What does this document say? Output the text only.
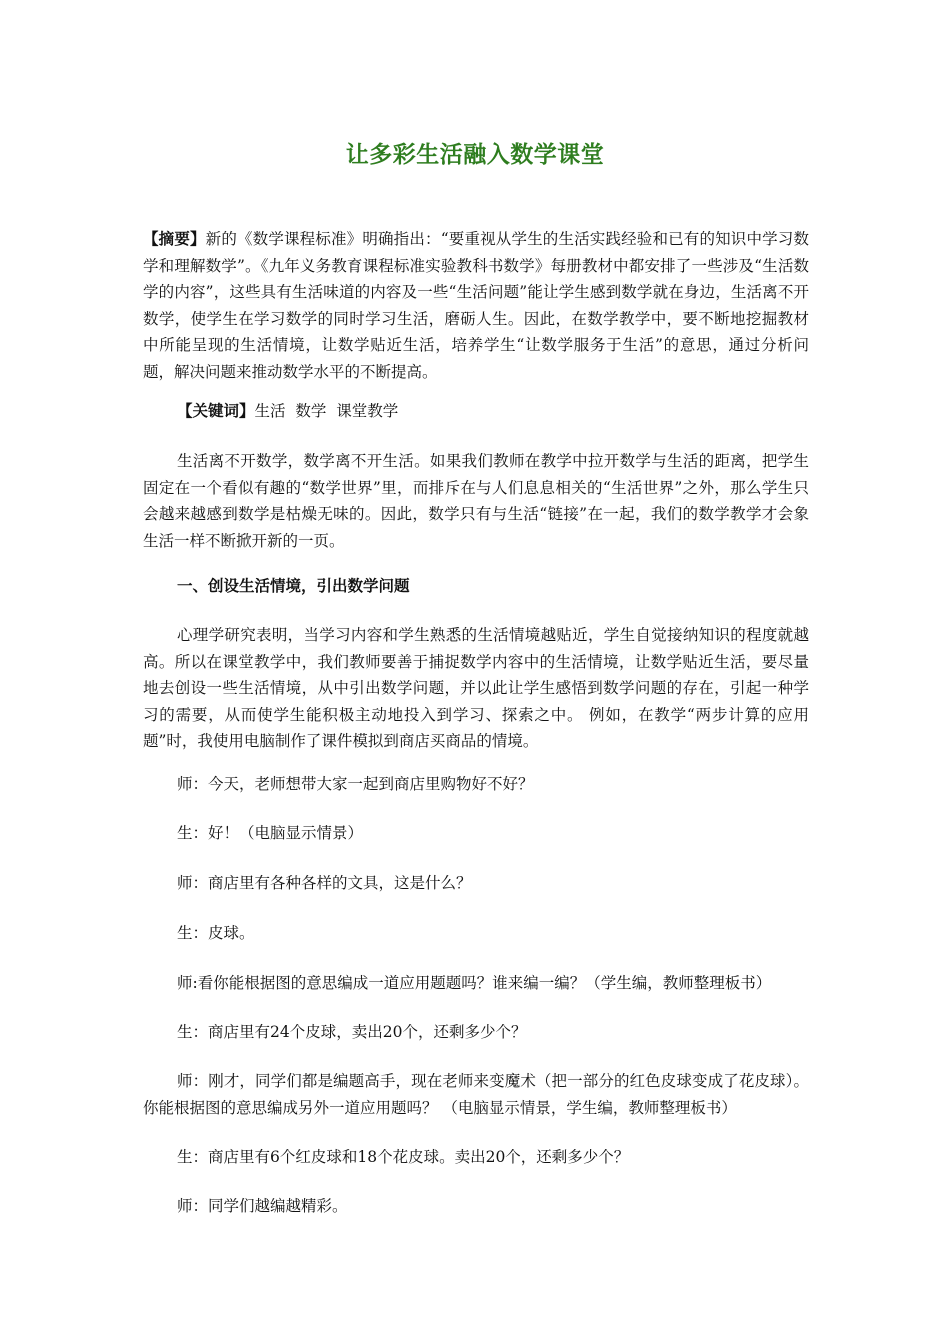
让多彩生活融入数学课堂
【摘要】新的《数学课程标准》明确指出：“要重视从学生的生活实践经验和已有的知识中学习数学和理解数学”。《九年义务教育课程标准实验教科书数学》每册教材中都安排了一些涉及“生活数学的内容”，这些具有生活味道的内容及一些“生活问题”能让学生感到数学就在身边，生活离不开数学，使学生在学习数学的同时学习生活，磨砺人生。因此，在数学教学中，要不断地挖掘教材中所能呈现的生活情境，让数学贴近生活，培养学生“让数学服务于生活”的意思，通过分析问题，解决问题来推动数学水平的不断提高。
【关键词】生活  数学  课堂教学
生活离不开数学，数学离不开生活。如果我们教师在教学中拉开数学与生活的距离，把学生固定在一个看似有趣的“数学世界”里，而排斥在与人们息息相关的“生活世界”之外，那么学生只会越来越感到数学是枯燥无味的。因此，数学只有与生活“链接”在一起，我们的数学教学才会象生活一样不断掀开新的一页。
一、创设生活情境，引出数学问题
心理学研究表明，当学习内容和学生熟悉的生活情境越贴近，学生自觉接纳知识的程度就越高。所以在课堂教学中，我们教师要善于捕捉数学内容中的生活情境，让数学贴近生活，要尽量地去创设一些生活情境，从中引出数学问题，并以此让学生感悟到数学问题的存在，引起一种学习的需要，从而使学生能积极主动地投入到学习、探索之中。 例如，在教学“两步计算的应用题”时，我使用电脑制作了课件模拟到商店买商品的情境。
师：今天，老师想带大家一起到商店里购物好不好？
生：好！（电脑显示情景）
师：商店里有各种各样的文具，这是什么？
生：皮球。
师:看你能根据图的意思编成一道应用题题吗？谁来编一编？（学生编，教师整理板书）
生：商店里有24个皮球，卖出20个，还剩多少个？
师：刚才，同学们都是编题高手，现在老师来变魔术（把一部分的红色皮球变成了花皮球）。你能根据图的意思编成另外一道应用题吗？ （电脑显示情景，学生编，教师整理板书）
生：商店里有6个红皮球和18个花皮球。卖出20个，还剩多少个？
师：同学们越编越精彩。
